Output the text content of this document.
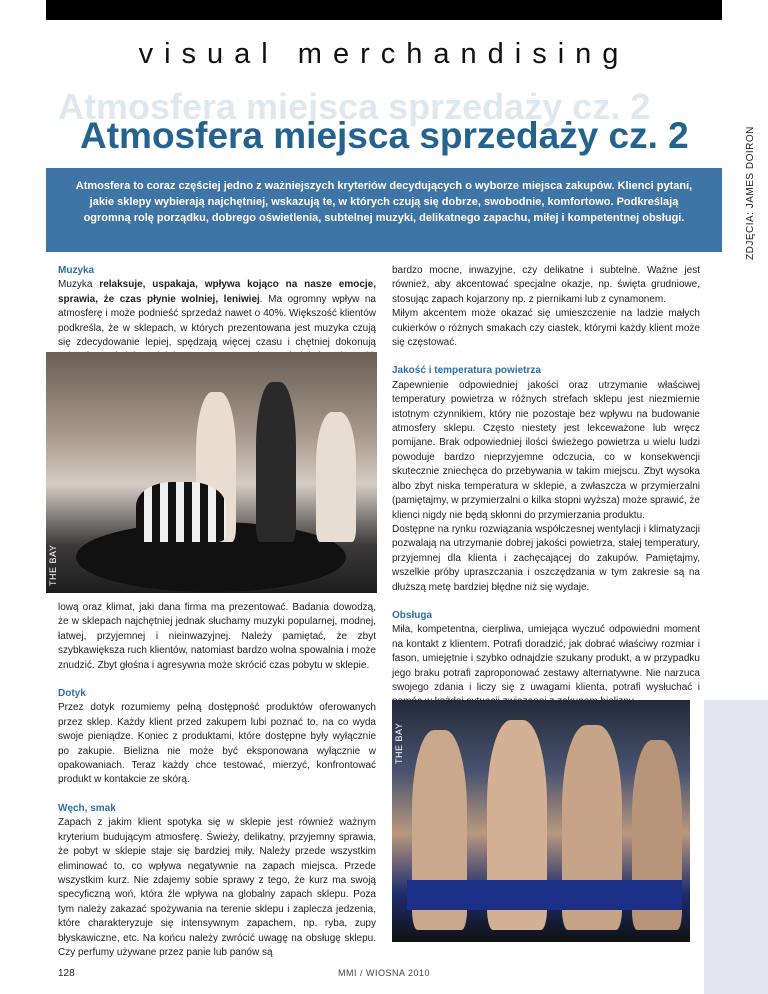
visual merchandising
Atmosfera miejsca sprzedaży cz. 2
Atmosfera miejsca sprzedaży cz. 2	ZDJĘCIA: JAMES DOIRON

Atmosfera to coraz częściej jedno z ważniejszych kryteriów decydujących o wyborze miejsca zakupów. Klienci pytani, jakie sklepy wybierają najchętniej, wskazują te, w których czują się dobrze, swobodnie, komfortowo. Podkreślają ogromną rolę porządku, dobrego oświetlenia, subtelnej muzyki, delikatnego zapachu, miłej i kompetentnej obsługi.

Muzyka

Muzyka relaksuje, uspakaja, wpływa kojąco na nasze emocje, sprawia, że czas płynie wolniej, leniwiej. Ma ogromny wpływ na atmosferę i może podnieść sprzedaż nawet o 40%. Większość klientów podkreśla, że w sklepach, w których prezentowana jest muzyka czują się zdecydowanie lepiej, spędzają więcej czasu i chętniej dokonują

THE BAY

lową oraz klimat, jaki dana firma ma prezentować. Badania dowodzą, że w sklepach najchętniej jednak słuchamy muzyki popularnej, modnej, łatwej, przyjemnej i nieinwazyjnej. Należy pamiętać, że zbyt szybkawiększa ruch klientów, natomiast bardzo wolna spowalnia i może znudzić. Zbyt głośna i agresywna może skrócić czas pobytu w sklepie.

Dotyk

Przez dotyk rozumiemy pełną dostępność produktów oferowanych przez sklep. Każdy klient przed zakupem lubi poznać to, na co wyda swoje pieniądze. Koniec z produktami, które dostępne były wyłącznie po zakupie. Bielizna nie może być eksponowana wyłącznie w opakowaniach. Teraz każdy chce testować, mierzyć, konfrontować produkt w kontakcie ze skórą.

Węch, smak

Zapach z jakim klient spotyka się w sklepie jest również ważnym kryterium budującym atmosferę. Świeży, delikatny, przyjemny sprawia, że pobyt w sklepie staje się bardziej miły. Należy przede wszystkim eliminować to, co wpływa negatywnie na zapach miejsca. Przede wszystkim kurz. Nie zdajemy sobie sprawy z tego, że kurz ma swoją specyficzną woń, która źle wpływa na globalny zapach sklepu. Poza tym należy zakazać spożywania na terenie sklepu i zaplecza jedzenia, które charakteryzuje się intensywnym zapachem, np. ryba, zupy błyskawiczne, etc. Na końcu należy zwrócić uwagę na obsługę sklepu. Czy perfumy używane przez panie lub panów są

bardzo mocne, inwazyjne, czy delikatne i subtelne. Ważne jest również, aby akcentować specjalne okazje, np. święta grudniowe, stosując zapach kojarzony np. z piernikami lub z cynamonem.

Miłym akcentem może okazać się umieszczenie na ladzie małych cukierków o różnych smakach czy ciastek, którymi każdy klient może się częstować.

Jakość i temperatura powietrza

Zapewnienie odpowiedniej jakości oraz utrzymanie właściwej temperatury powietrza w różnych strefach sklepu jest niezmiernie istotnym czynnikiem, który nie pozostaje bez wpływu na budowanie atmosfery sklepu. Często niestety jest lekceważone lub wręcz pomijane. Brak odpowiedniej ilości świeżego powietrza u wielu ludzi powoduje bardzo nieprzyjemne odczucia, co w konsekwencji skutecznie zniechęca do przebywania w takim miejscu. Zbyt wysoka albo zbyt niska temperatura w sklepie, a zwłaszcza w przymierzalni (pamiętajmy, w przymierzalni o kilka stopni wyższa) może sprawić, że klienci nigdy nie będą skłonni do przymierzania produktu.

Dostępne na rynku rozwiązania współczesnej wentylacji i klimatyzacji pozwalają na utrzymanie dobrej jakości powietrza, stałej temperatury, przyjemnej dla klienta i zachęcającej do zakupów. Pamiętajmy, wszelkie próby upraszczania i oszczędzania w tym zakresie są na dłuższą metę bardziej błędne niż się wydaje.

Obsługa

Miła, kompetentna, cierpliwa, umiejąca wyczuć odpowiedni moment na kontakt z klientem. Potrafi doradzić, jak dobrać właściwy rozmiar i fason, umiejętnie i szybko odnajdzie szukany produkt, a w przypadku jego braku potrafi zaproponować zestawy alternatywne. Nie narzuca swojego zdania i liczy się z uwagami klienta, potrafi wysłuchać i

THE BAY
128	MMI / WIOSNA 2010
